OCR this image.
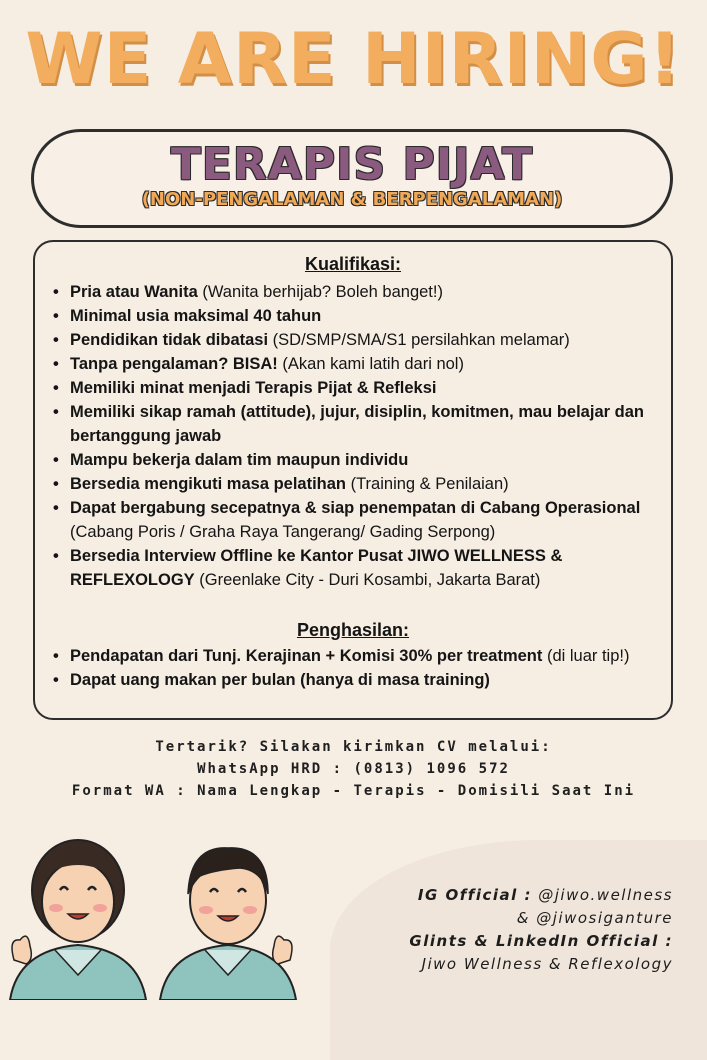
WE ARE HIRING!
TERAPIS PIJAT
(NON-PENGALAMAN & BERPENGALAMAN)
Kualifikasi:
• Pria atau Wanita (Wanita berhijab? Boleh banget!)
• Minimal usia maksimal 40 tahun
• Pendidikan tidak dibatasi (SD/SMP/SMA/S1 persilahkan melamar)
• Tanpa pengalaman? BISA! (Akan kami latih dari nol)
• Memiliki minat menjadi Terapis Pijat & Refleksi
• Memiliki sikap ramah (attitude), jujur, disiplin, komitmen, mau belajar dan bertanggung jawab
• Mampu bekerja dalam tim maupun individu
• Bersedia mengikuti masa pelatihan (Training & Penilaian)
• Dapat bergabung secepatnya & siap penempatan di Cabang Operasional (Cabang Poris / Graha Raya Tangerang/ Gading Serpong)
• Bersedia Interview Offline ke Kantor Pusat JIWO WELLNESS & REFLEXOLOGY (Greenlake City - Duri Kosambi, Jakarta Barat)
Penghasilan:
• Pendapatan dari Tunj. Kerajinan + Komisi 30% per treatment (di luar tip!)
• Dapat uang makan per bulan (hanya di masa training)
Tertarik? Silakan kirimkan CV melalui:
WhatsApp HRD : (0813) 1096 572
Format WA : Nama Lengkap - Terapis - Domisili Saat Ini
IG Official : @jiwo.wellness
& @jiwosiganture
Glints & LinkedIn Official :
Jiwo Wellness & Reflexology
